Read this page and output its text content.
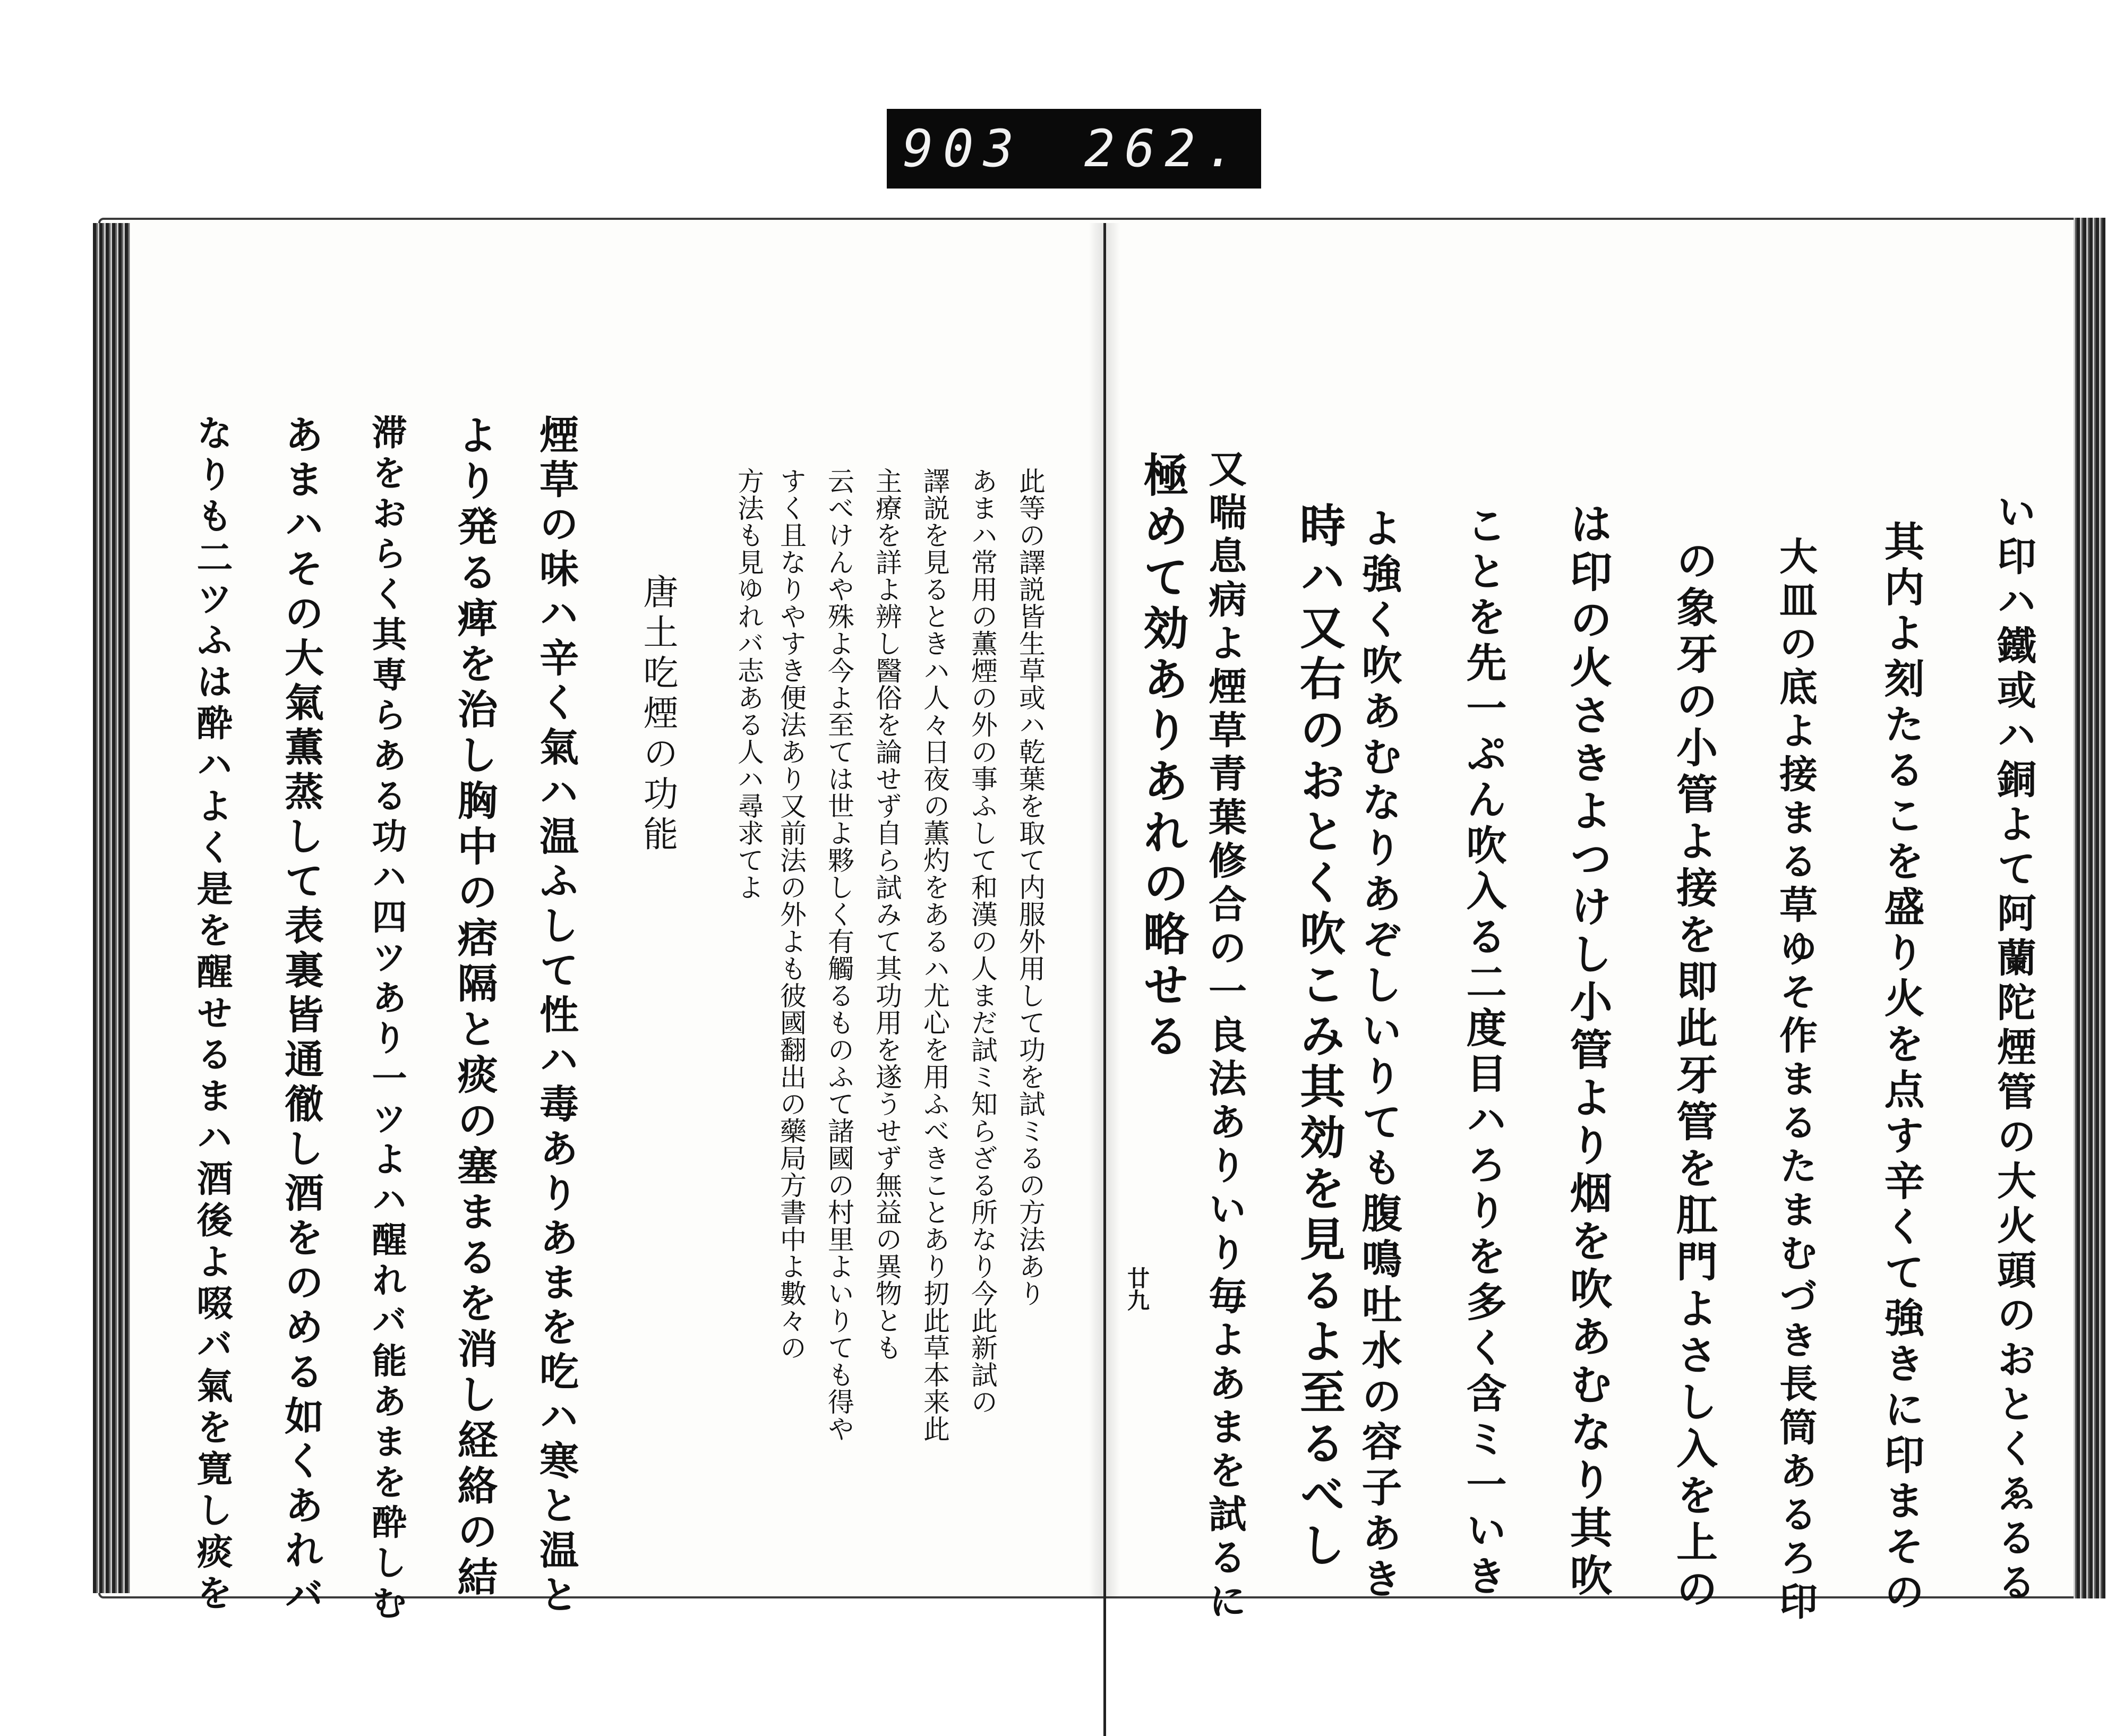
903 262.
い印ハ鐵或ハ銅よて阿蘭陀煙管の大火頭のおとくゑるる
其内よ刻たるこを盛り火を点す辛くて強きに印まその
大皿の底よ接まる草ゆそ作まるたまむづき長筒あるろ印
の象牙の小管よ接を即此牙管を肛門よさし入を上の
は印の火さきよつけし小管より烟を吹あむなり其吹
ことを先一ぷん吹入る二度目ハろりを多く含ミ一いき
よ強く吹あむなりあぞしいりても腹鳴吐水の容子あき
時ハ又右のおとく吹こみ其効を見るよ至るべし
又喘息病よ煙草青葉修合の一良法ありいり毎よあまを試るに
極めて効ありあれの略せる
廿九
此等の譯説皆生草或ハ乾葉を取て内服外用して功を試ミるの方法あり
あまハ常用の薫煙の外の事ふして和漢の人まだ試ミ知らざる所なり今此新試の
譯説を見るときハ人々日夜の薫灼をあるハ尤心を用ふべきことあり扨此草本来此
主療を詳よ辨し醫俗を論せず自ら試みて其功用を遂うせず無益の異物とも
云べけんや殊よ今よ至ては世よ夥しく有觸るものふて諸國の村里よいりても得や
すく且なりやすき便法あり又前法の外よも彼國翻出の藥局方書中よ數々の
方法も見ゆれバ志ある人ハ尋求てよ
唐土吃煙の功能
煙草の味ハ辛く氣ハ温ふして性ハ毒ありあまを吃ハ寒と温と
より発る痺を治し胸中の痞隔と痰の塞まるを消し経絡の結
滞をおらく其専らある功ハ四ツあり一ツよハ醒れバ能あまを酔しむ
あまハその大氣薫蒸して表裏皆通徹し酒をのめる如くあれバ
なりも二ツふは酔ハよく是を醒せるまハ酒後よ啜バ氣を寛し痰を
